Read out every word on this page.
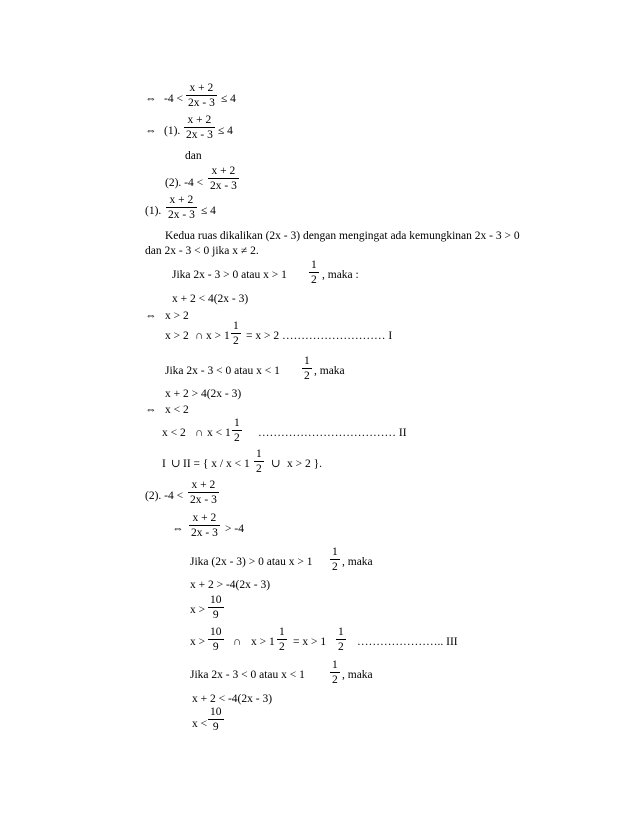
⇔ $-4 < \frac{x + 2}{2x - 3} \le 4$
⇔ (1). $\frac{x + 2}{2x - 3} \le 4$
dan
(2). $-4 < \frac{x + 2}{2x - 3}$
(1). $\frac{x + 2}{2x - 3} \le 4$
Kedua ruas dikalikan (2x - 3) dengan mengingat ada kemungkinan 2x - 3 > 0
dan 2x - 3 < 0 jika x ≠ 2.
Jika 2x - 3 > 0 atau $x > 1 \frac{1}{2}$ , maka :
x + 2 < 4(2x - 3)
⇔ x > 2
x > 2 ∩ $x > 1 \frac{1}{2} = x > 2$ ……………………… I
Jika 2x - 3 < 0 atau $x < 1 \frac{1}{2}$ , maka
x + 2 > 4(2x - 3)
⇔ x < 2
x < 2 ∩ $x < 1 \frac{1}{2}$ ……………………………… II
I ∪ II = { $x / x < 1 \frac{1}{2}$ ∪ x > 2 }.
(2). $-4 < \frac{x + 2}{2x - 3}$
⇔ $\frac{x + 2}{2x - 3} > -4$
Jika (2x - 3) > 0 atau $x > 1 \frac{1}{2}$ , maka
x + 2 > -4(2x - 3)
$x > \frac{10}{9}$
$x > \frac{10}{9}$ ∩ $x > 1 \frac{1}{2} = x > 1 \frac{1}{2}$ ………………….. III
Jika 2x - 3 < 0 atau $x < 1 \frac{1}{2}$ , maka
x + 2 < -4(2x - 3)
$x < \frac{10}{9}$
